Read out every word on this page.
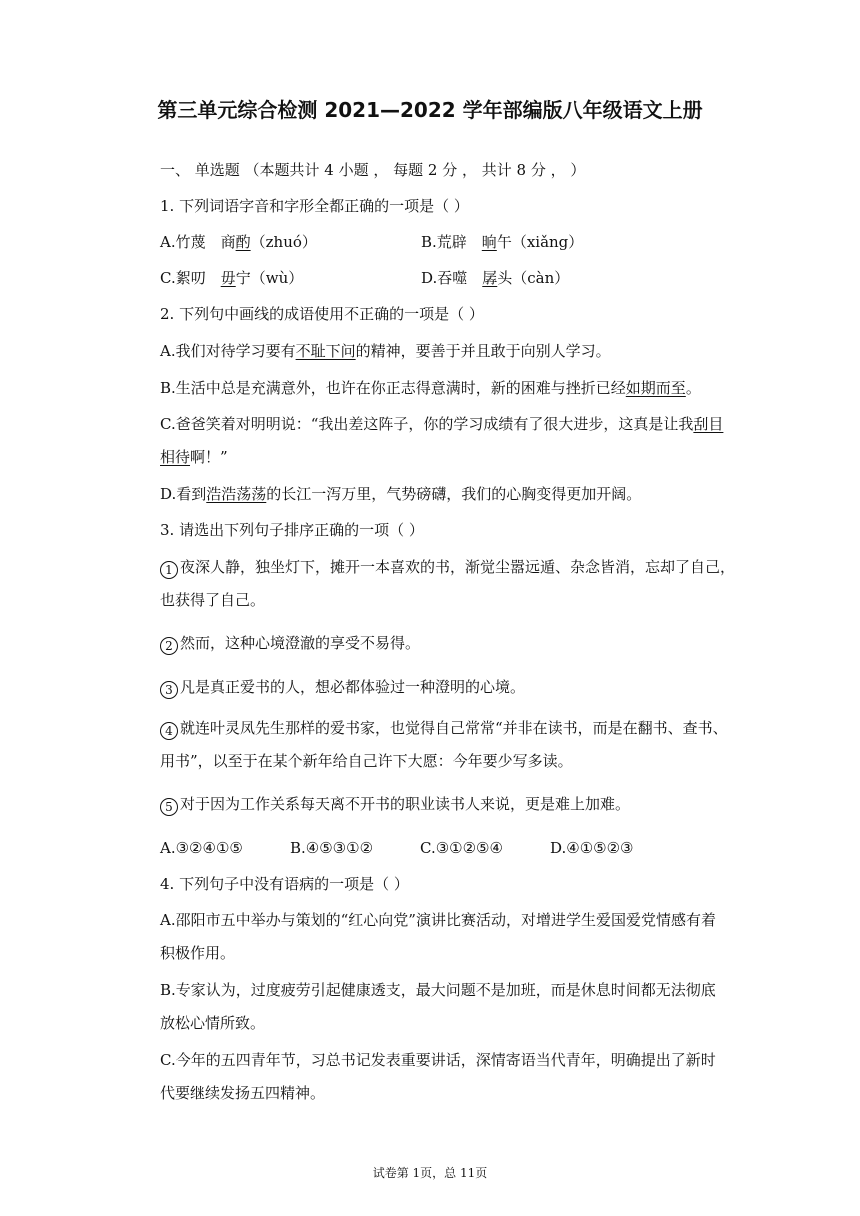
第三单元综合检测 2021—2022 学年部编版八年级语文上册
一、 单选题 （本题共计 4 小题 ， 每题 2 分 ， 共计 8 分 ， ）
1. 下列词语字音和字形全都正确的一项是（ ）
A.竹蔑　商酌（zhuó）	B.荒辟　晌午（xiǎng）
C.絮叨　毋宁（wù）	D.吞噬　孱头（càn）
2. 下列句中画线的成语使用不正确的一项是（ ）
A.我们对待学习要有不耻下问的精神，要善于并且敢于向别人学习。
B.生活中总是充满意外，也许在你正志得意满时，新的困难与挫折已经如期而至。
C.爸爸笑着对明明说：“我出差这阵子，你的学习成绩有了很大进步，这真是让我刮目
相待啊！”
D.看到浩浩荡荡的长江一泻万里，气势磅礴，我们的心胸变得更加开阔。
3. 请选出下列句子排序正确的一项（ ）
1 夜深人静，独坐灯下，摊开一本喜欢的书，渐觉尘嚣远遁、杂念皆消，忘却了自己，
也获得了自己。
2 然而，这种心境澄澈的享受不易得。
3 凡是真正爱书的人，想必都体验过一种澄明的心境。
4 就连叶灵凤先生那样的爱书家，也觉得自己常常“并非在读书，而是在翻书、查书、
用书”，以至于在某个新年给自己许下大愿：今年要少写多读。
5 对于因为工作关系每天离不开书的职业读书人来说，更是难上加难。
A.③②④①⑤	B.④⑤③①②	C.③①②⑤④	D.④①⑤②③
4. 下列句子中没有语病的一项是（ ）
A.邵阳市五中举办与策划的“红心向党”演讲比赛活动，对增进学生爱国爱党情感有着
积极作用。
B.专家认为，过度疲劳引起健康透支，最大问题不是加班，而是休息时间都无法彻底
放松心情所致。
C.今年的五四青年节，习总书记发表重要讲话，深情寄语当代青年，明确提出了新时
代要继续发扬五四精神。
试卷第 1页，总 11页
